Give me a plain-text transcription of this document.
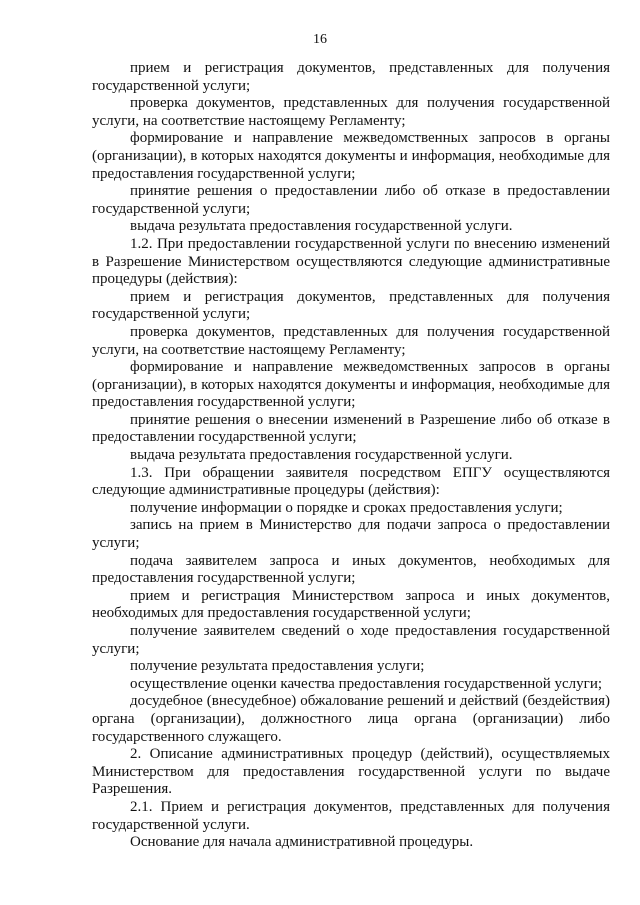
16

прием и регистрация документов, представленных для получения государственной услуги;

проверка документов, представленных для получения государственной услуги, на соответствие настоящему Регламенту;

формирование и направление межведомственных запросов в органы (организации), в которых находятся документы и информация, необходимые для предоставления государственной услуги;

принятие решения о предоставлении либо об отказе в предоставлении государственной услуги;

выдача результата предоставления государственной услуги.

1.2. При предоставлении государственной услуги по внесению изменений в Разрешение Министерством осуществляются следующие административные процедуры (действия):

прием и регистрация документов, представленных для получения государственной услуги;

проверка документов, представленных для получения государственной услуги, на соответствие настоящему Регламенту;

формирование и направление межведомственных запросов в органы (организации), в которых находятся документы и информация, необходимые для предоставления государственной услуги;

принятие решения о внесении изменений в Разрешение либо об отказе в предоставлении государственной услуги;

выдача результата предоставления государственной услуги.

1.3. При обращении заявителя посредством ЕПГУ осуществляются следующие административные процедуры (действия):

получение информации о порядке и сроках предоставления услуги;

запись на прием в Министерство для подачи запроса о предоставлении услуги;

подача заявителем запроса и иных документов, необходимых для предоставления государственной услуги;

прием и регистрация Министерством запроса и иных документов, необходимых для предоставления государственной услуги;

получение заявителем сведений о ходе предоставления государственной услуги;

получение результата предоставления услуги;

осуществление оценки качества предоставления государственной услуги;

досудебное (внесудебное) обжалование решений и действий (бездействия) органа (организации), должностного лица органа (организации) либо государственного служащего.

2. Описание административных процедур (действий), осуществляемых Министерством для предоставления государственной услуги по выдаче Разрешения.

2.1. Прием и регистрация документов, представленных для получения государственной услуги.

Основание для начала административной процедуры.
